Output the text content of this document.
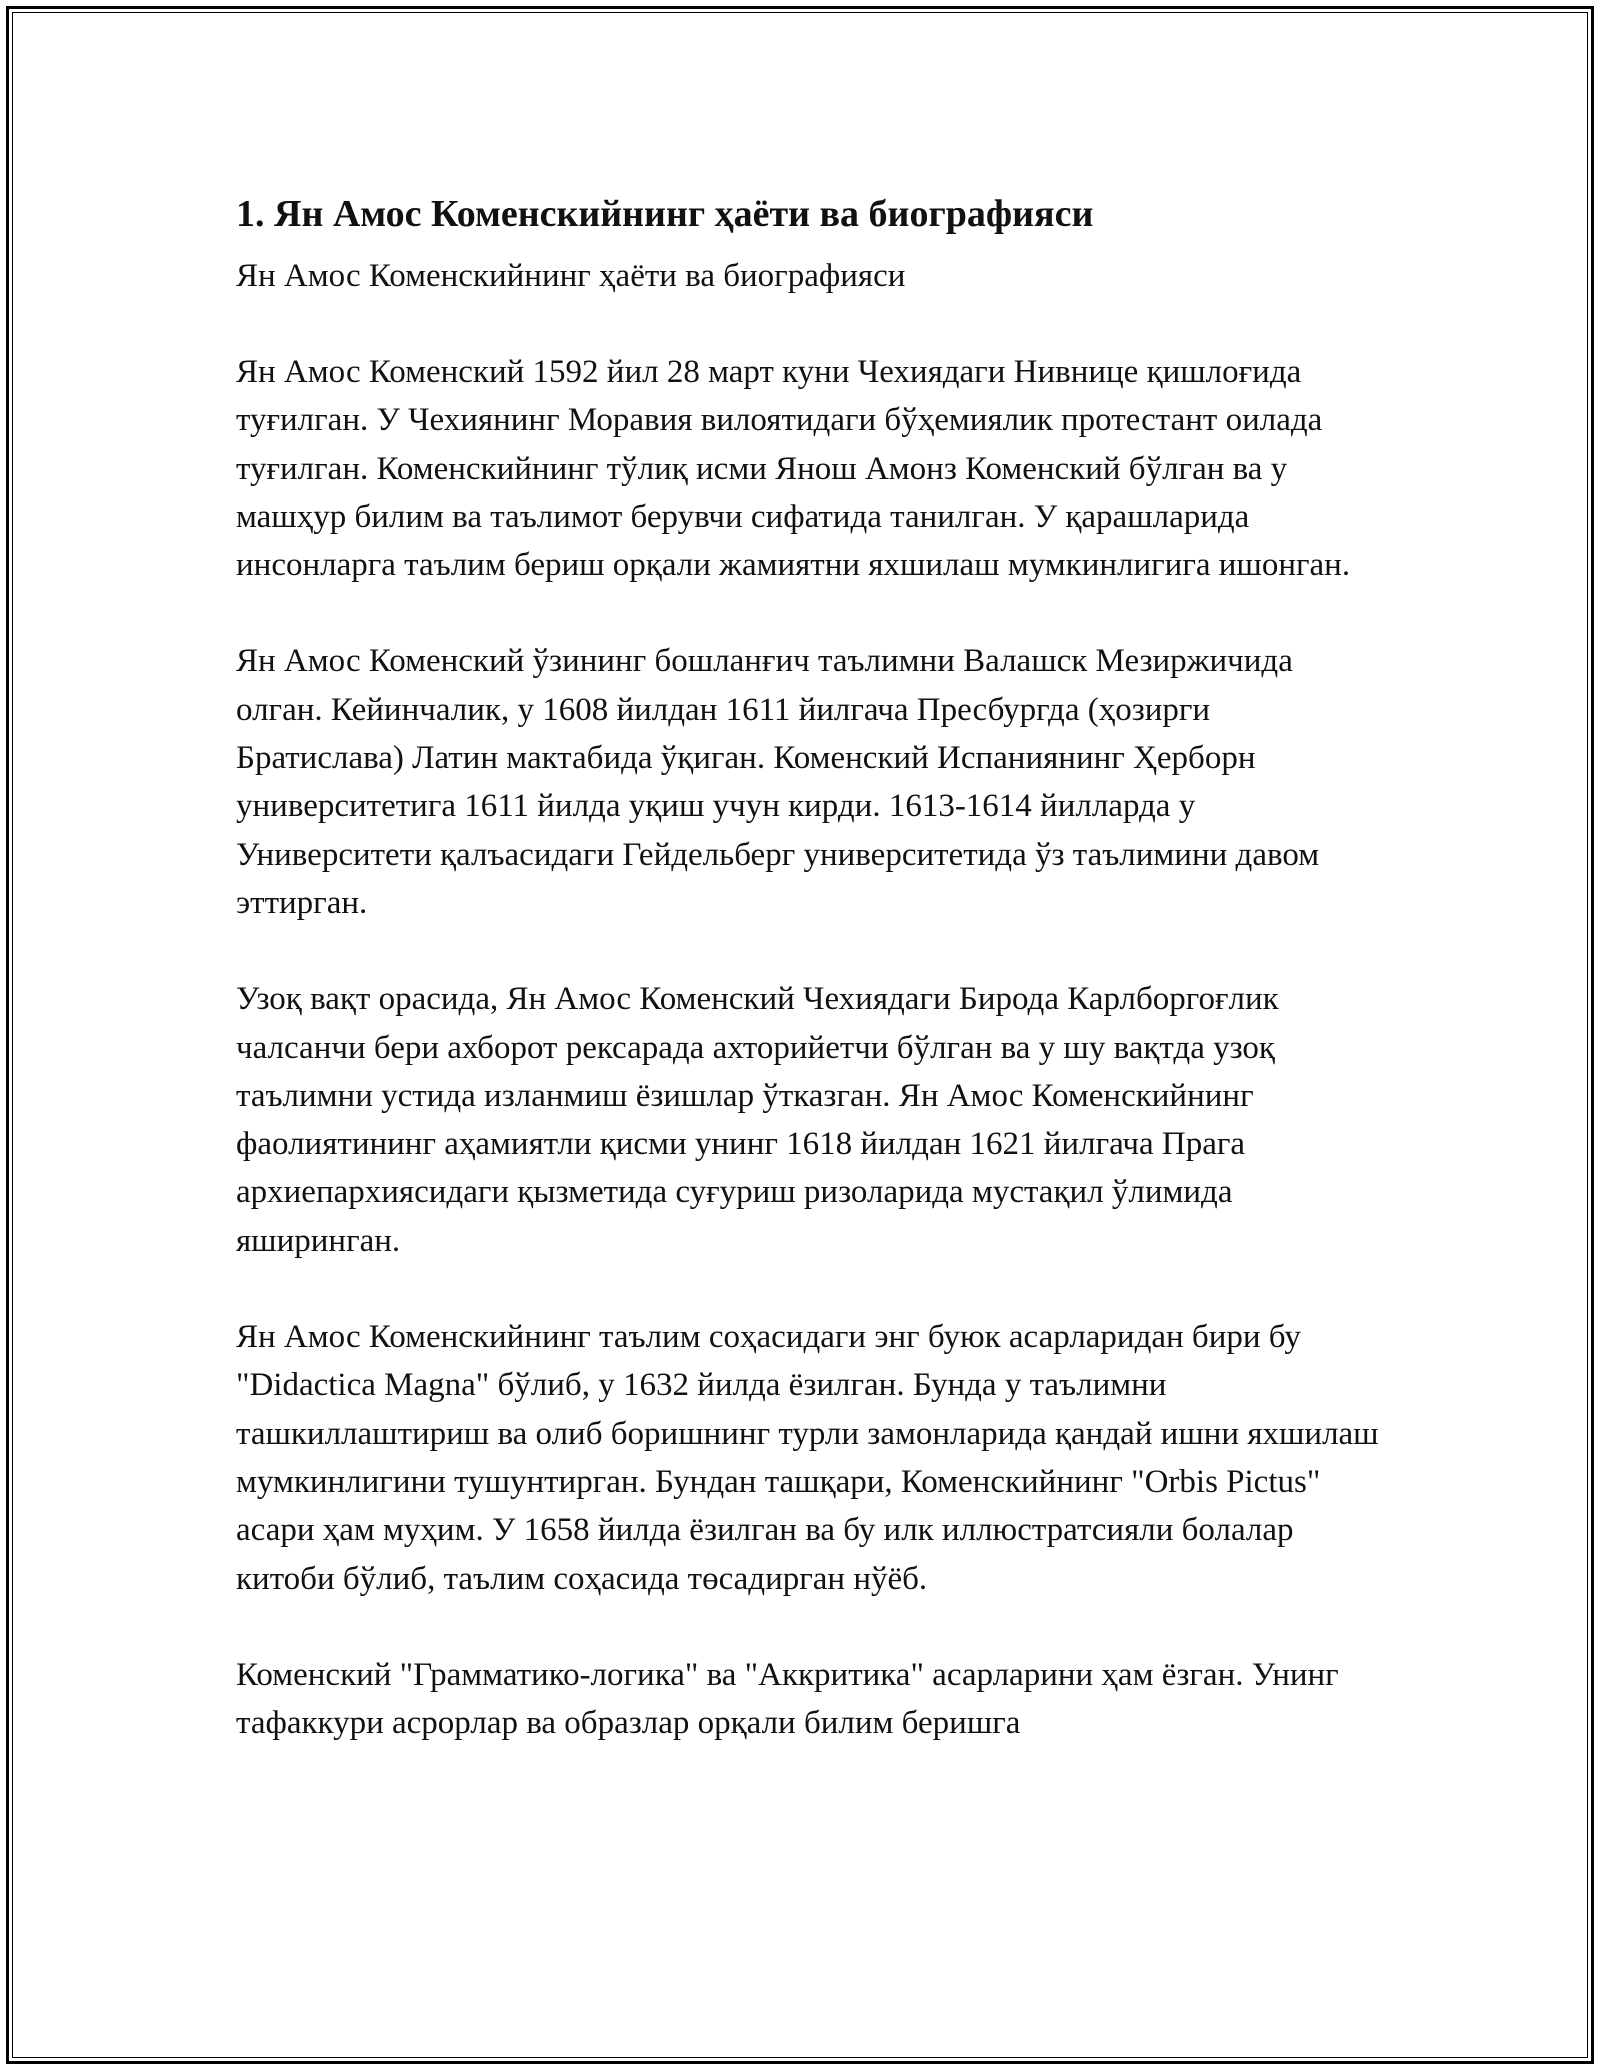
1. Ян Амос Коменскийнинг ҳаёти ва биографияси

Ян Амос Коменскийнинг ҳаёти ва биографияси

Ян Амос Коменский 1592 йил 28 март куни Чехиядаги Нивнице қишлоғида туғилган. У Чехиянинг Моравия вилоятидаги бўҳемиялик протестант оилада туғилган. Коменскийнинг тўлиқ исми Янош Амонз Коменский бўлган ва у машҳур билим ва таълимот берувчи сифатида танилган. У қарашларида инсонларга таълим бериш орқали жамиятни яхшилаш мумкинлигига ишонган.

Ян Амос Коменский ўзининг бошланғич таълимни Валашск Мезиржичида олган. Кейинчалик, у 1608 йилдан 1611 йилгача Пресбургда (ҳозирги Братислава) Латин мактабида ўқиган. Коменский Испаниянинг Ҳерборн университетига 1611 йилда уқиш учун кирди. 1613-1614 йилларда у Университети қалъасидаги Гейдельберг университетида ўз таълимини давом эттирган.

Узоқ вақт орасида, Ян Амос Коменский Чехиядаги Бирода Карлборгоғлик чалсанчи бери ахборот рексарада ахторийетчи бўлган ва у шу вақтда узоқ таълимни устида изланмиш ёзишлар ўтказган. Ян Амос Коменскийнинг фаолиятининг аҳамиятли қисми унинг 1618 йилдан 1621 йилгача Прага архиепархиясидаги қызметида суғуриш ризоларида мустақил ўлимида яширинган.

Ян Амос Коменскийнинг таълим соҳасидаги энг буюк асарларидан бири бу "Didactica Magna" бўлиб, у 1632 йилда ёзилган. Бунда у таълимни ташкиллаштириш ва олиб боришнинг турли замонларида қандай ишни яхшилаш мумкинлигини тушунтирган. Бундан ташқари, Коменскийнинг "Orbis Pictus" асари ҳам муҳим. У 1658 йилда ёзилган ва бу илк иллюстратсияли болалар китоби бўлиб, таълим соҳасида төсадирган нўёб.

Коменский "Грамматико-логика" ва "Аккритика" асарларини ҳам ёзган. Унинг тафаккури асрорлар ва образлар орқали билим беришга
